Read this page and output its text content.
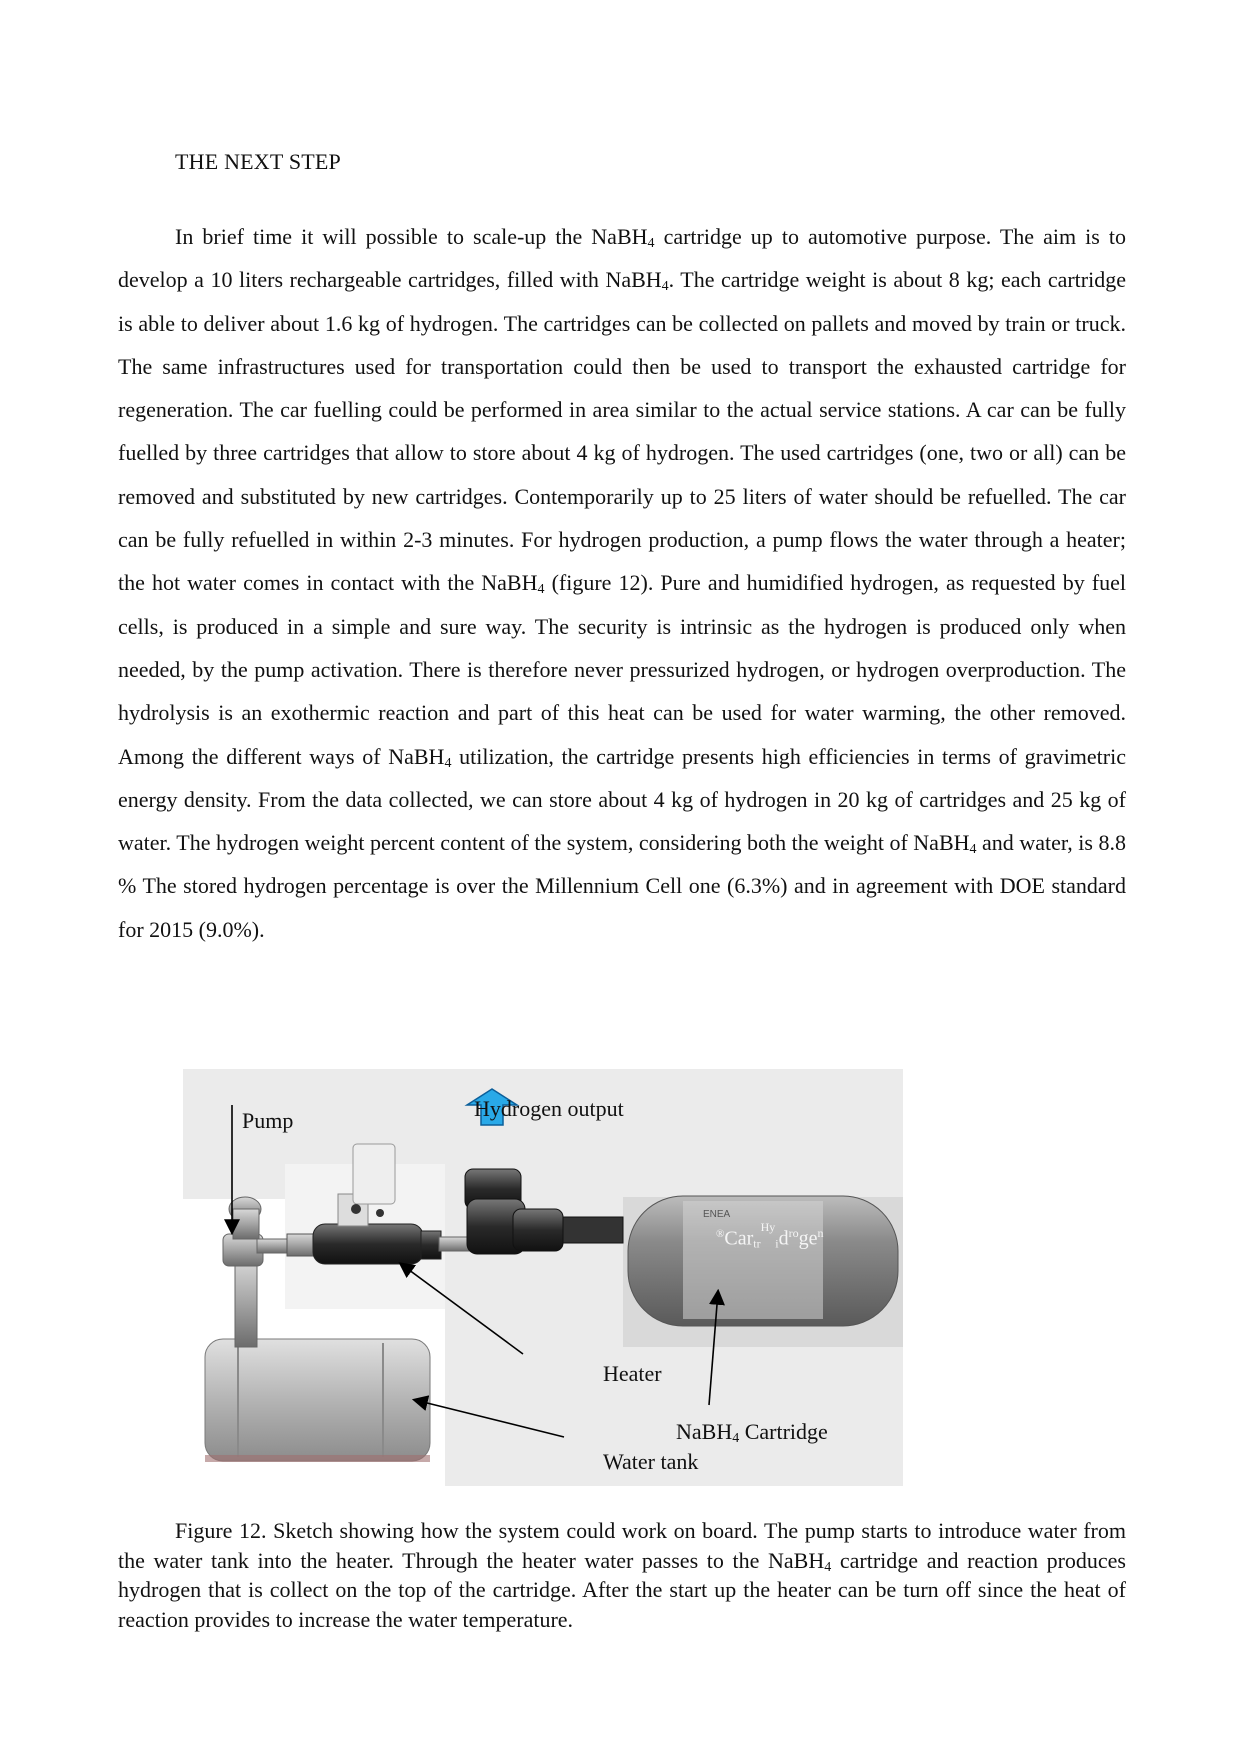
THE NEXT STEP

In brief time it will possible to scale-up the NaBH$_4$ cartridge up to automotive purpose. The aim is to develop a 10 liters rechargeable cartridges, filled with NaBH$_4$. The cartridge weight is about 8 kg; each cartridge is able to deliver about 1.6 kg of hydrogen. The cartridges can be collected on pallets and moved by train or truck. The same infrastructures used for transportation could then be used to transport the exhausted cartridge for regeneration. The car fuelling could be performed in area similar to the actual service stations. A car can be fully fuelled by three cartridges that allow to store about 4 kg of hydrogen. The used cartridges (one, two or all) can be removed and substituted by new cartridges. Contemporarily up to 25 liters of water should be refuelled. The car can be fully refuelled in within 2-3 minutes. For hydrogen production, a pump flows the water through a heater; the hot water comes in contact with the NaBH$_4$ (figure 12). Pure and humidified hydrogen, as requested by fuel cells, is produced in a simple and sure way. The security is intrinsic as the hydrogen is produced only when needed, by the pump activation. There is therefore never pressurized hydrogen, or hydrogen overproduction. The hydrolysis is an exothermic reaction and part of this heat can be used for water warming, the other removed. Among the different ways of NaBH$_4$ utilization, the cartridge presents high efficiencies in terms of gravimetric energy density. From the data collected, we can store about 4 kg of hydrogen in 20 kg of cartridges and 25 kg of water. The hydrogen weight percent content of the system, considering both the weight of NaBH$_4$ and water, is 8.8 % The stored hydrogen percentage is over the Millennium Cell one (6.3%) and in agreement with DOE standard for 2015 (9.0%).

ENEA
$®Car_{tr}^{Hy}_id^{ro}ge^n$
Pump	Hydrogen output
Heater
NaBH$_4$ Cartridge
Water tank

Figure 12. Sketch showing how the system could work on board. The pump starts to introduce water from the water tank into the heater. Through the heater water passes to the NaBH$_4$ cartridge and reaction produces hydrogen that is collect on the top of the cartridge. After the start up the heater can be turn off since the heat of reaction provides to increase the water temperature.
